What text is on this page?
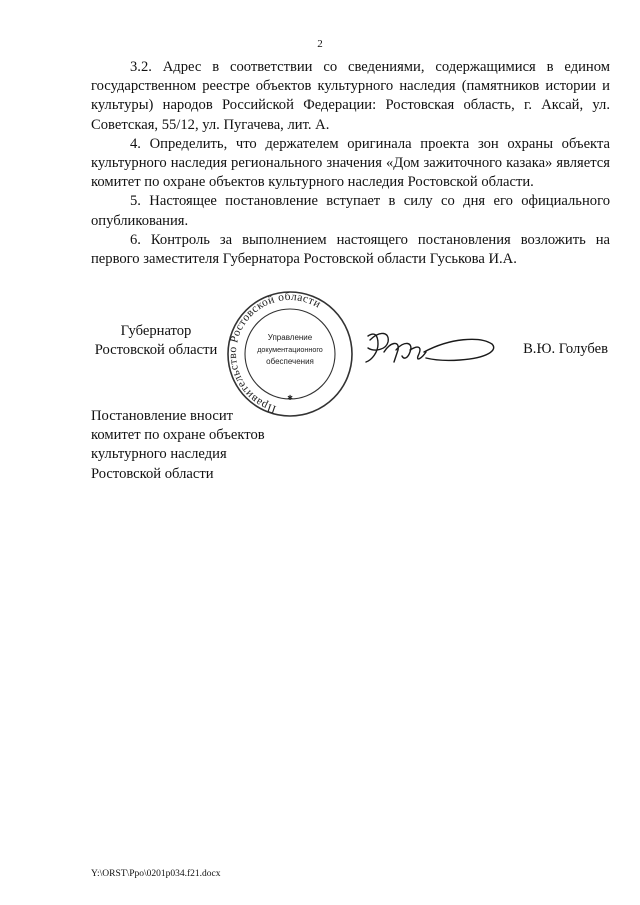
2

3.2. Адрес в соответствии со сведениями, содержащимися в едином государственном реестре объектов культурного наследия (памятников истории и культуры) народов Российской Федерации: Ростовская область, г. Аксай, ул. Советская, 55/12, ул. Пугачева, лит. А.

4. Определить, что держателем оригинала проекта зон охраны объекта культурного наследия регионального значения «Дом зажиточного казака» является комитет по охране объектов культурного наследия Ростовской области.

5. Настоящее постановление вступает в силу со дня его официального опубликования.

6. Контроль за выполнением настоящего постановления возложить на первого заместителя Губернатора Ростовской области Гуськова И.А.

Губернатор
Ростовской области
Правительство Ростовской области
Управление
документационного
обеспечения
✱
В.Ю. Голубев
Постановление вносит
комитет по охране объектов
культурного наследия
Ростовской области
Y:\ORST\Ppo\0201p034.f21.docx
